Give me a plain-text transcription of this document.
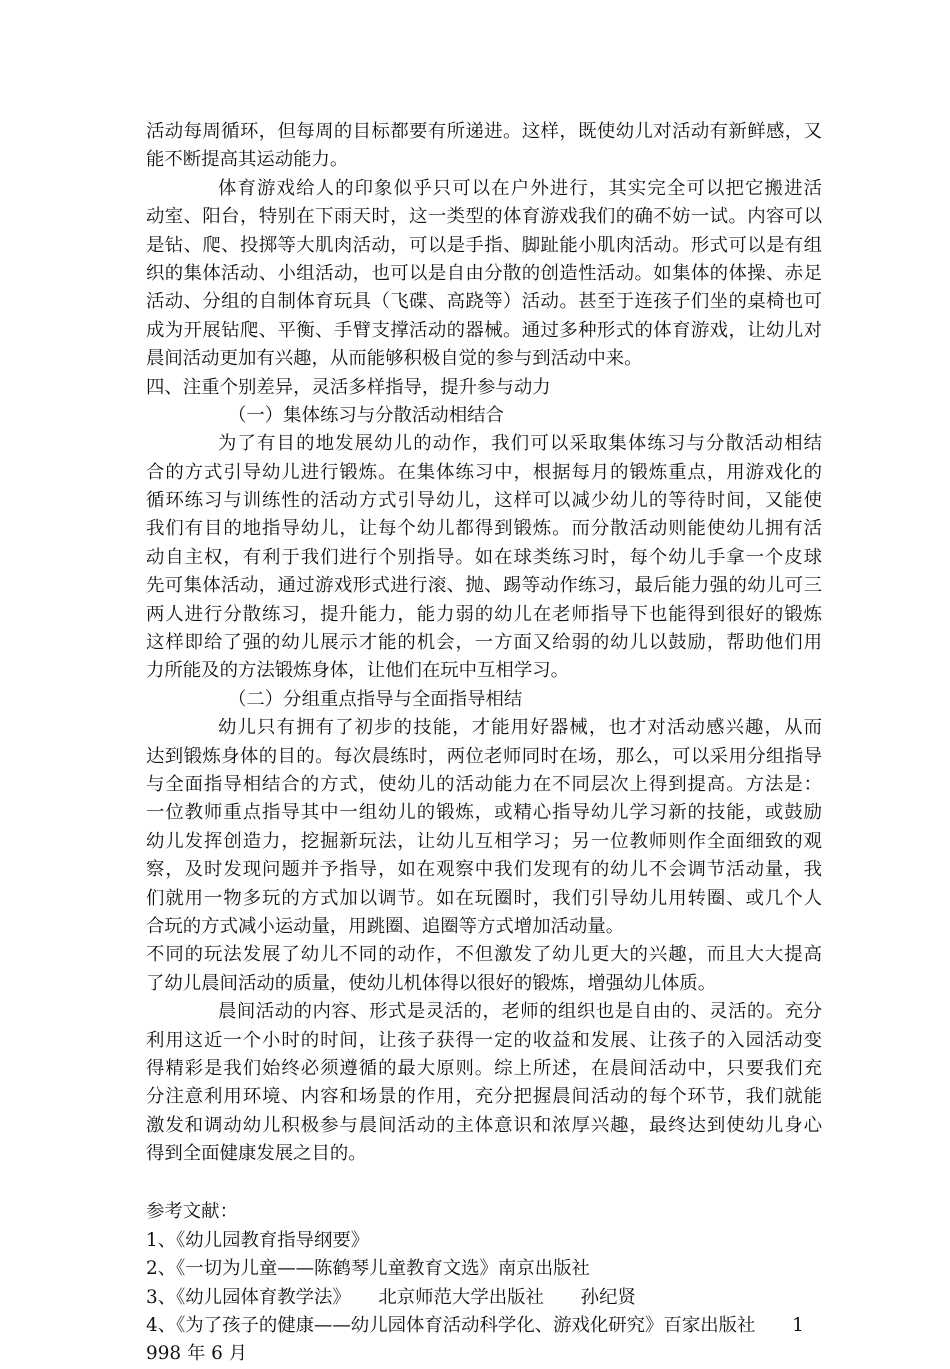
活动每周循环，但每周的目标都要有所递进。这样，既使幼儿对活动有新鲜感，又
能不断提高其运动能力。
体育游戏给人的印象似乎只可以在户外进行，其实完全可以把它搬进活
动室、阳台，特别在下雨天时，这一类型的体育游戏我们的确不妨一试。内容可以
是钻、爬、投掷等大肌肉活动，可以是手指、脚趾能小肌肉活动。形式可以是有组
织的集体活动、小组活动，也可以是自由分散的创造性活动。如集体的体操、赤足
活动、分组的自制体育玩具（飞碟、高跷等）活动。甚至于连孩子们坐的桌椅也可
成为开展钻爬、平衡、手臂支撑活动的器械。通过多种形式的体育游戏，让幼儿对
晨间活动更加有兴趣，从而能够积极自觉的参与到活动中来。
四、注重个别差异，灵活多样指导，提升参与动力
（一）集体练习与分散活动相结合
为了有目的地发展幼儿的动作，我们可以采取集体练习与分散活动相结
合的方式引导幼儿进行锻炼。在集体练习中，根据每月的锻炼重点，用游戏化的
循环练习与训练性的活动方式引导幼儿，这样可以减少幼儿的等待时间，又能使
我们有目的地指导幼儿，让每个幼儿都得到锻炼。而分散活动则能使幼儿拥有活
动自主权，有利于我们进行个别指导。如在球类练习时，每个幼儿手拿一个皮球
先可集体活动，通过游戏形式进行滚、抛、踢等动作练习，最后能力强的幼儿可三
两人进行分散练习，提升能力，能力弱的幼儿在老师指导下也能得到很好的锻炼
这样即给了强的幼儿展示才能的机会，一方面又给弱的幼儿以鼓励，帮助他们用
力所能及的方法锻炼身体，让他们在玩中互相学习。
（二）分组重点指导与全面指导相结
幼儿只有拥有了初步的技能，才能用好器械，也才对活动感兴趣，从而
达到锻炼身体的目的。每次晨练时，两位老师同时在场，那么，可以采用分组指导
与全面指导相结合的方式，使幼儿的活动能力在不同层次上得到提高。方法是：
一位教师重点指导其中一组幼儿的锻炼，或精心指导幼儿学习新的技能，或鼓励
幼儿发挥创造力，挖掘新玩法，让幼儿互相学习；另一位教师则作全面细致的观
察，及时发现问题并予指导，如在观察中我们发现有的幼儿不会调节活动量，我
们就用一物多玩的方式加以调节。如在玩圈时，我们引导幼儿用转圈、或几个人
合玩的方式减小运动量，用跳圈、追圈等方式增加活动量。
不同的玩法发展了幼儿不同的动作，不但激发了幼儿更大的兴趣，而且大大提高
了幼儿晨间活动的质量，使幼儿机体得以很好的锻炼，增强幼儿体质。
晨间活动的内容、形式是灵活的，老师的组织也是自由的、灵活的。充分
利用这近一个小时的时间，让孩子获得一定的收益和发展、让孩子的入园活动变
得精彩是我们始终必须遵循的最大原则。综上所述，在晨间活动中，只要我们充
分注意利用环境、内容和场景的作用，充分把握晨间活动的每个环节，我们就能
激发和调动幼儿积极参与晨间活动的主体意识和浓厚兴趣，最终达到使幼儿身心
得到全面健康发展之目的。
参考文献：
1、《幼儿园教育指导纲要》
2、《一切为儿童——陈鹤琴儿童教育文选》南京出版社
3、《幼儿园体育教学法》　　北京师范大学出版社　　孙纪贤
4、《为了孩子的健康——幼儿园体育活动科学化、游戏化研究》百家出版社　　1
998 年 6 月
